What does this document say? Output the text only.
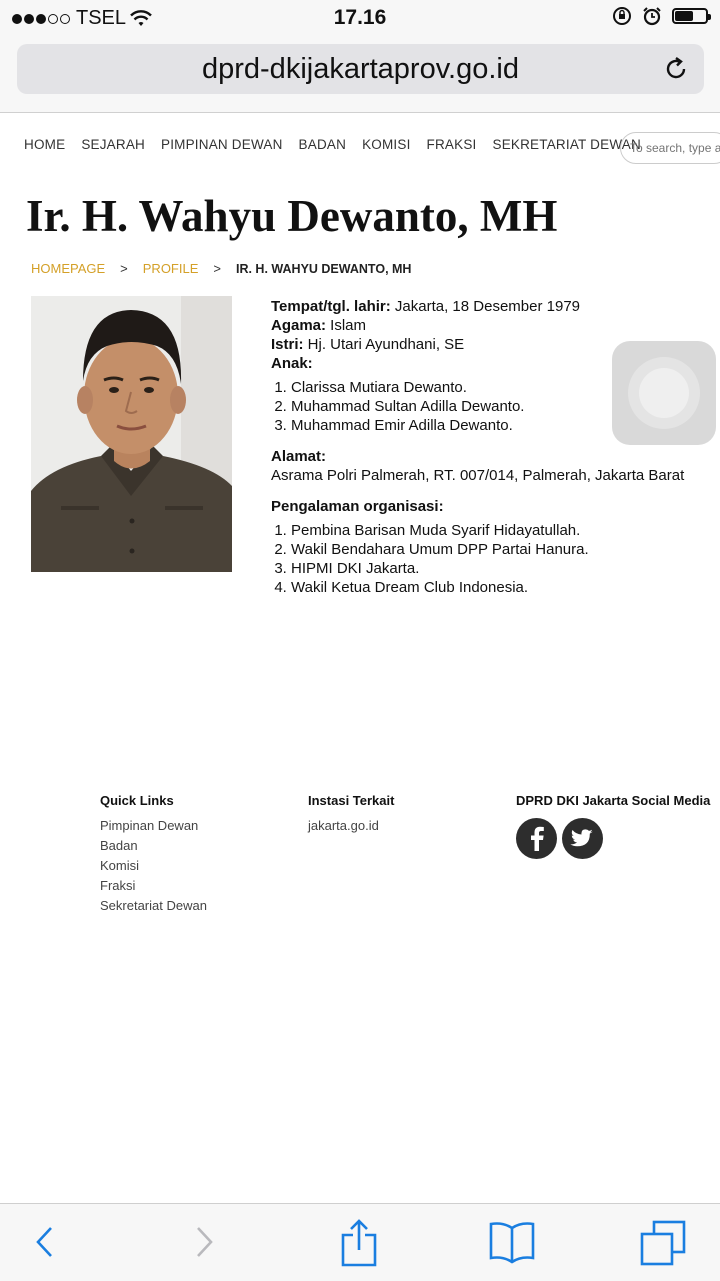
TSEL	17.16
dprd-dkijakartaprov.go.id
HOME SEJARAH PIMPINAN DEWAN BADAN KOMISI FRAKSI SEKRETARIAT DEWAN
To search, type a
Ir. H. Wahyu Dewanto, MH
HOMEPAGE > PROFILE > IR. H. WAHYU DEWANTO, MH
Tempat/tgl. lahir: Jakarta, 18 Desember 1979
Agama: Islam
Istri: Hj. Utari Ayundhani, SE
Anak:
1. Clarissa Mutiara Dewanto.
2. Muhammad Sultan Adilla Dewanto.
3. Muhammad Emir Adilla Dewanto.
Alamat:
Asrama Polri Palmerah, RT. 007/014, Palmerah, Jakarta Barat
Pengalaman organisasi:
1. Pembina Barisan Muda Syarif Hidayatullah.
2. Wakil Bendahara Umum DPP Partai Hanura.
3. HIPMI DKI Jakarta.
4. Wakil Ketua Dream Club Indonesia.
Quick Links
Pimpinan Dewan
Badan
Komisi
Fraksi
Sekretariat Dewan
Instasi Terkait
jakarta.go.id
DPRD DKI Jakarta Social Media
